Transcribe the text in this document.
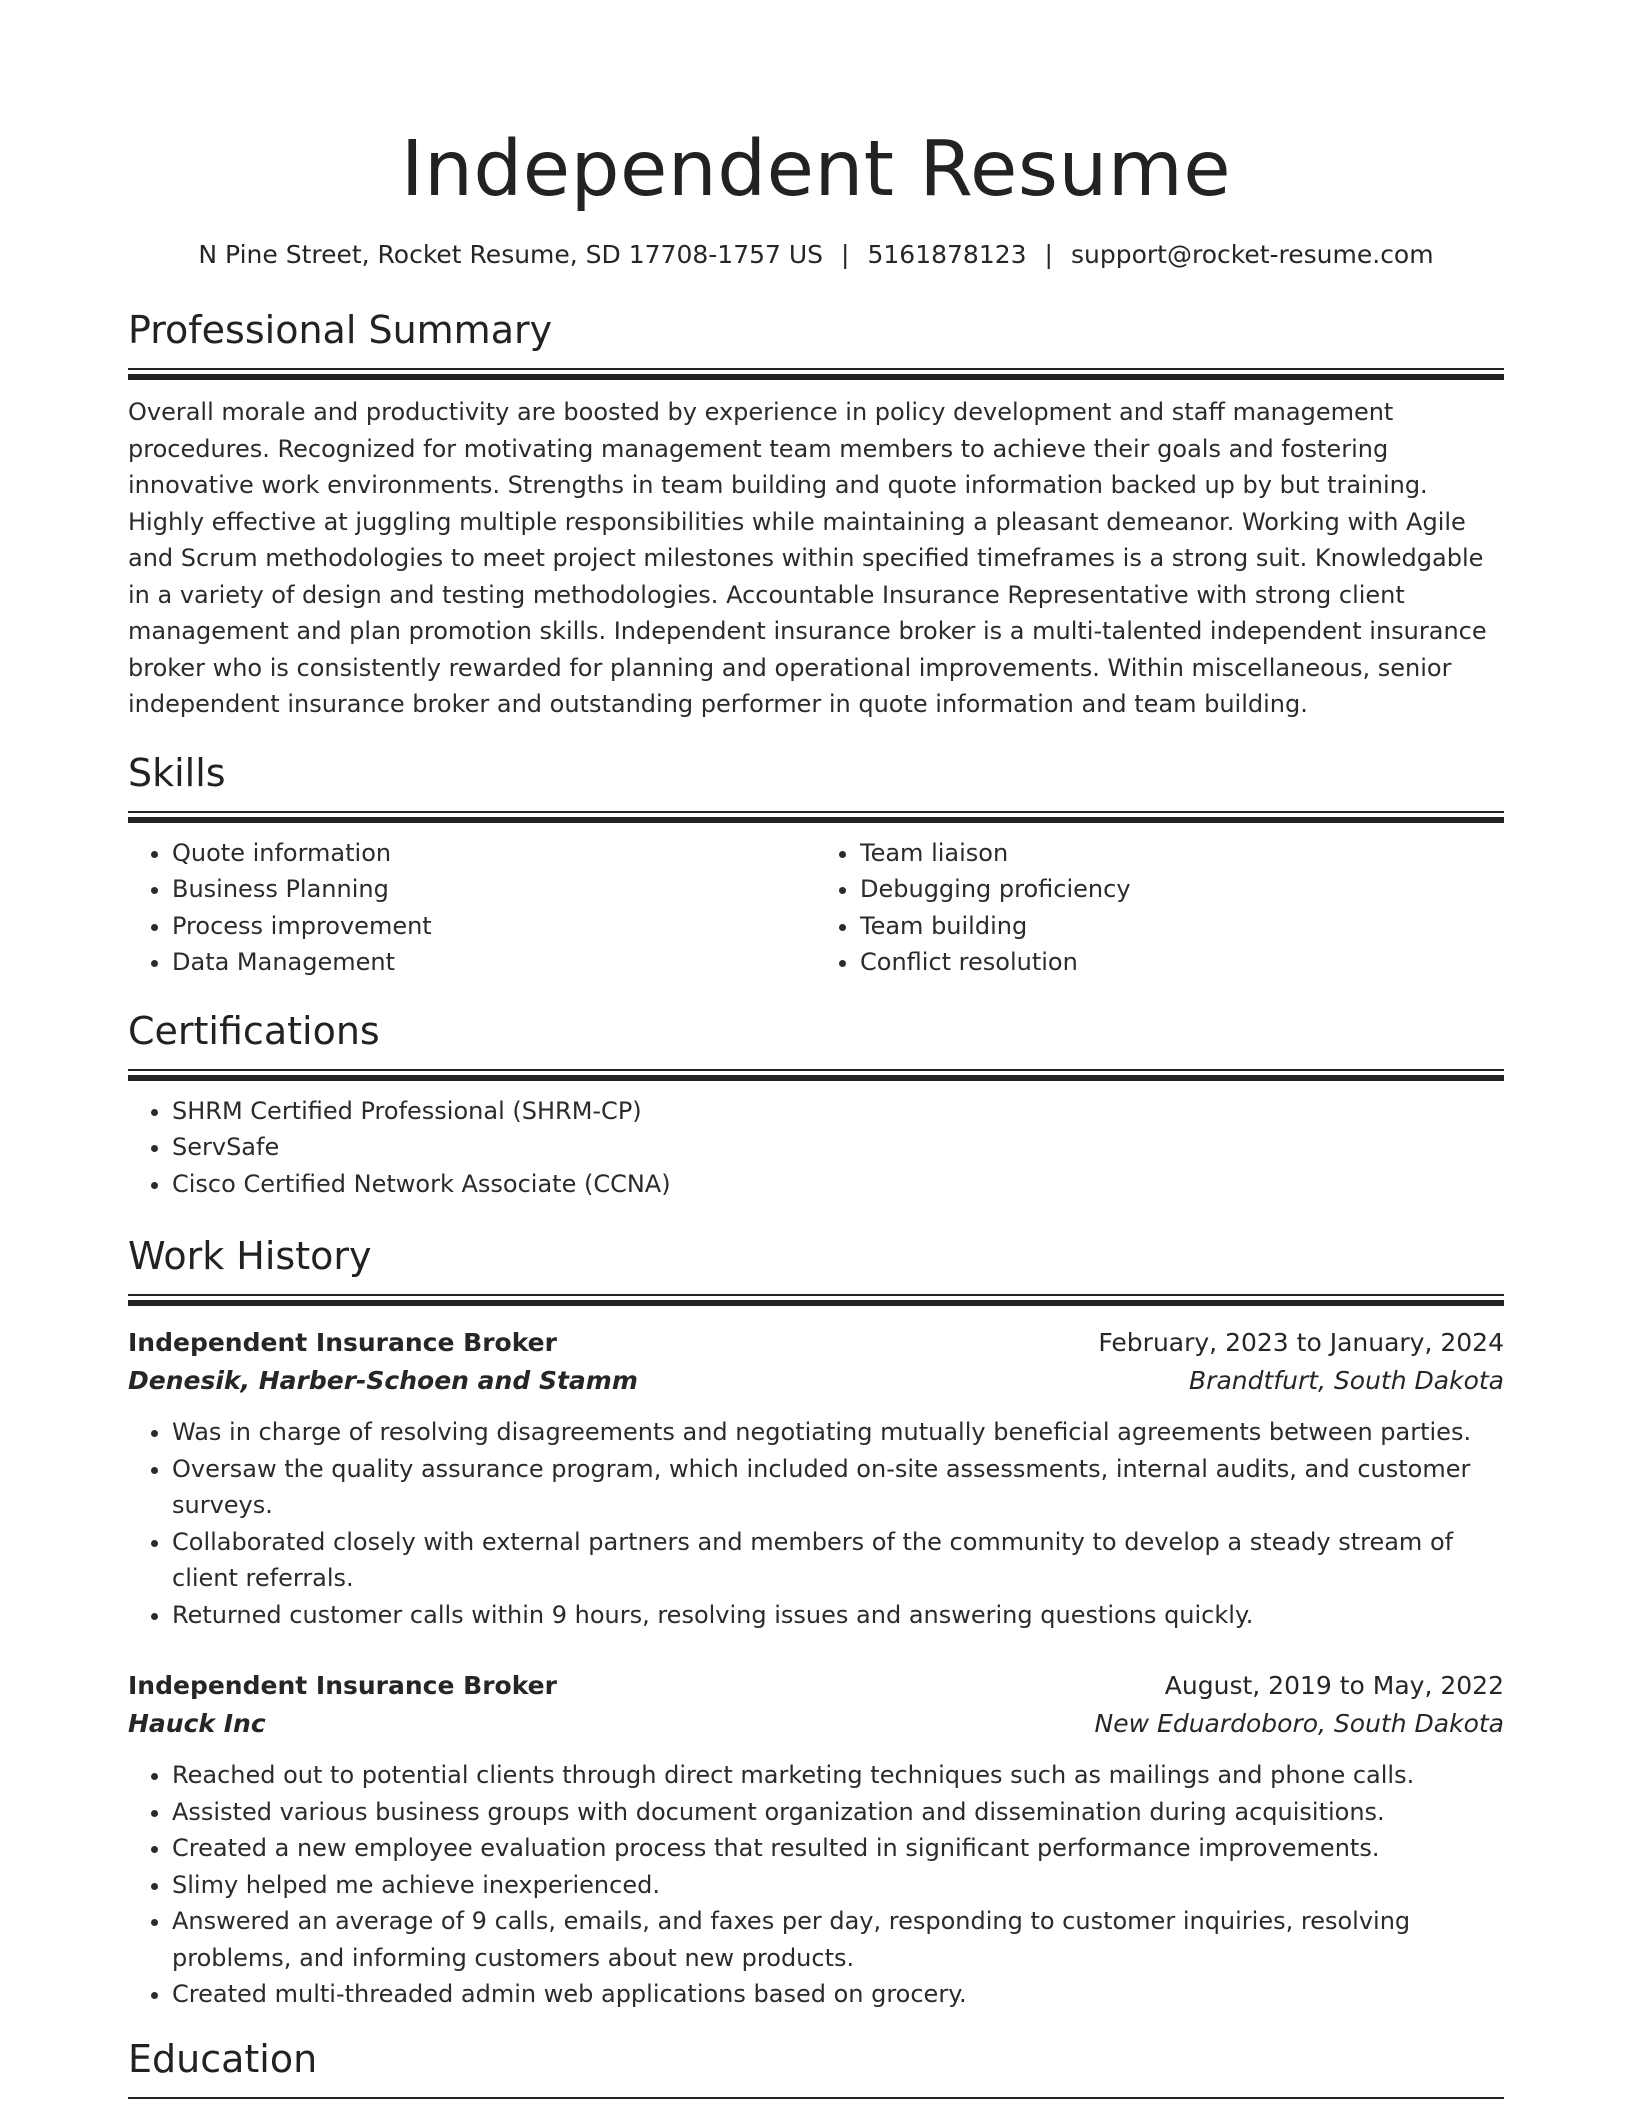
Independent Resume
N Pine Street, Rocket Resume, SD 17708-1757 US | 5161878123 | support@rocket-resume.com
Professional Summary
Overall morale and productivity are boosted by experience in policy development and staff management procedures. Recognized for motivating management team members to achieve their goals and fostering innovative work environments. Strengths in team building and quote information backed up by but training. Highly effective at juggling multiple responsibilities while maintaining a pleasant demeanor. Working with Agile and Scrum methodologies to meet project milestones within specified timeframes is a strong suit. Knowledgable in a variety of design and testing methodologies. Accountable Insurance Representative with strong client management and plan promotion skills. Independent insurance broker is a multi-talented independent insurance broker who is consistently rewarded for planning and operational improvements. Within miscellaneous, senior independent insurance broker and outstanding performer in quote information and team building.
Skills
• Quote information
• Business Planning
• Process improvement
• Data Management
• Team liaison
• Debugging proficiency
• Team building
• Conflict resolution
Certifications
• SHRM Certified Professional (SHRM-CP)
• ServSafe
• Cisco Certified Network Associate (CCNA)
Work History
Independent Insurance Broker	February, 2023 to January, 2024
Denesik, Harber-Schoen and Stamm	Brandtfurt, South Dakota
• Was in charge of resolving disagreements and negotiating mutually beneficial agreements between parties.
• Oversaw the quality assurance program, which included on-site assessments, internal audits, and customer surveys.
• Collaborated closely with external partners and members of the community to develop a steady stream of client referrals.
• Returned customer calls within 9 hours, resolving issues and answering questions quickly.
Independent Insurance Broker	August, 2019 to May, 2022
Hauck Inc	New Eduardoboro, South Dakota
• Reached out to potential clients through direct marketing techniques such as mailings and phone calls.
• Assisted various business groups with document organization and dissemination during acquisitions.
• Created a new employee evaluation process that resulted in significant performance improvements.
• Slimy helped me achieve inexperienced.
• Answered an average of 9 calls, emails, and faxes per day, responding to customer inquiries, resolving problems, and informing customers about new products.
• Created multi-threaded admin web applications based on grocery.
Education
